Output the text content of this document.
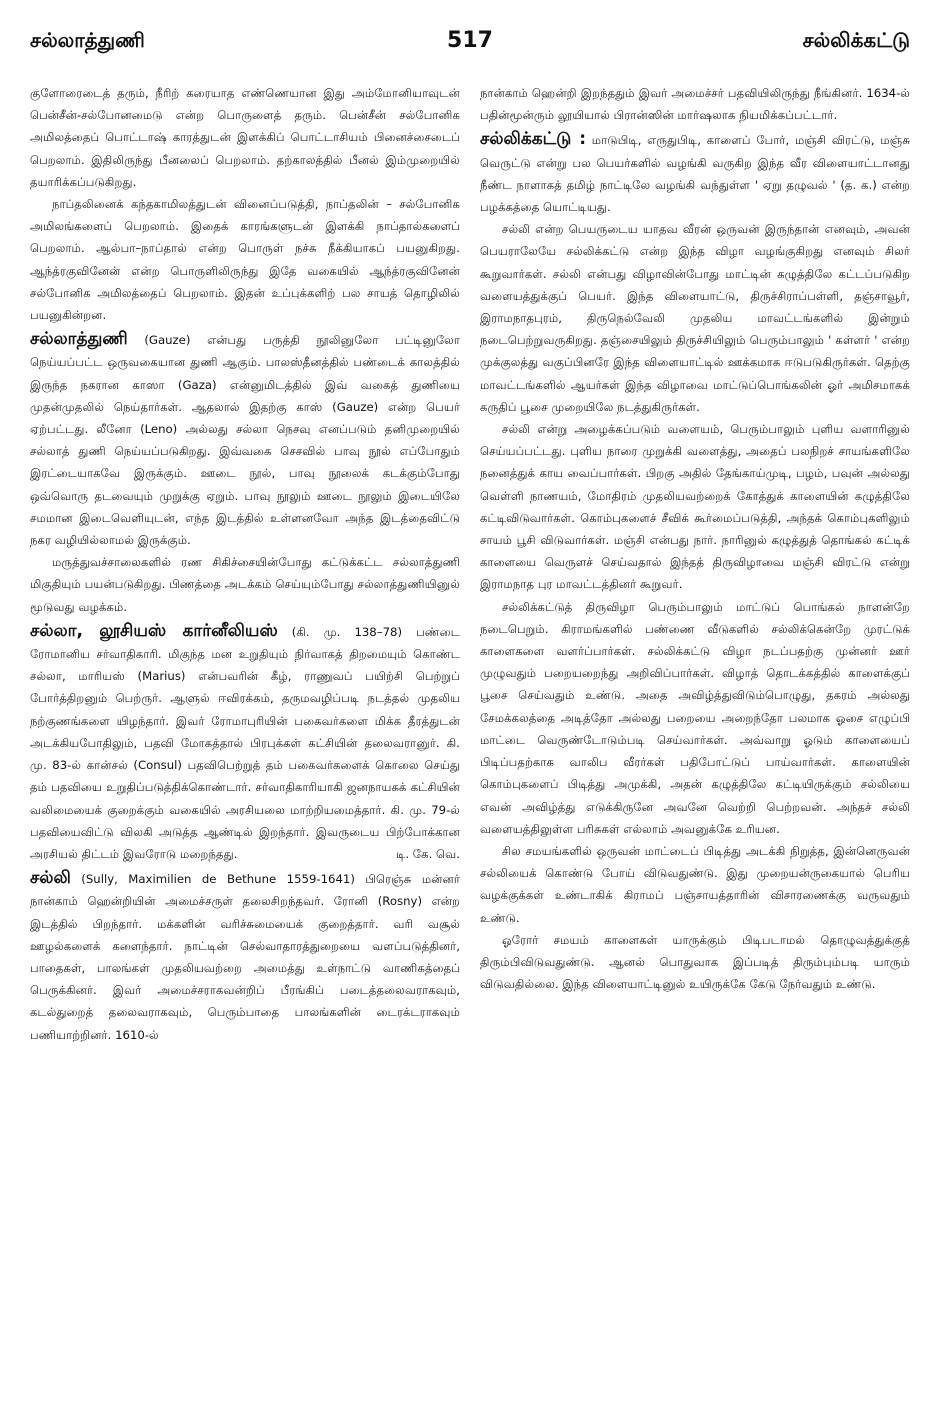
517
சல்லாத்துணி	சல்லிக்கட்டு

குளோரைடைத் தரும், நீரிற் கரையாத எண்ணெயான இது அம்மோனியாவுடன் பென்சீன்-சல்போனமைடு என்ற பொருளைத் தரும். பென்சீன் சல்போனிக அமிலத்தைப் பொட்டாஷ் காரத்துடன் இளக்கிப் பொட்டாசியம் பினைச்சைடைப் பெறலாம். இதிலிருந்து பீனலைப் பெறலாம். தற்காலத்தில் பீனல் இம்முறையில் தயாரிக்கப்படுகிறது.

நாப்தலினைக் கந்தகாமிலத்துடன் வினைப்படுத்தி, நாப்தலின் – சல்போனிக அமிலங்களைப் பெறலாம். இதைக் காரங்களுடன் இளக்கி நாப்தால்களைப் பெறலாம். ஆல்பா–நாப்தால் என்ற பொருள் நச்சு நீக்கியாகப் பயனுகிறது. ஆந்த்ரகுவினேன் என்ற பொருளிலிருந்து இதே வகையில் ஆந்த்ரகுவினேன் சல்போனிக அமிலத்தைப் பெறலாம். இதன் உப்புக்களிற் பல சாயத் தொழிலில் பயனுகின்றன.

சல்லாத்துணி (Gauze) என்பது பருத்தி நூலினுலோ பட்டினுலோ நெய்யப்பட்ட ஒருவகையான துணி ஆகும். பாலஸ்தீனத்தில் பண்டைக் காலத்தில் இருந்த நகரான காஸா (Gaza) என்னுமிடத்தில் இவ் வகைத் துணியை முதன்முதலில் நெய்தார்கள். ஆதலால் இதற்கு காஸ் (Gauze) என்ற பெயர் ஏற்பட்டது. லீனோ (Leno) அல்லது சல்லா நெசவு எனப்படும் தனிமுறையில் சல்லாத் துணி நெய்யப்படுகிறது. இவ்வகை செசவில் பாவு நூல் எப்போதும் இரட்டையாகவே இருக்கும். ஊடை நூல், பாவு நூலைக் கடக்கும்போது ஒவ்வொரு தடவையும் முறுக்கு ஏறும். பாவு நூலும் ஊடை நூலும் இடையிலே சமமான இடைவெளியுடன், எந்த இடத்தில் உள்ளனவோ அந்த இடத்தைவிட்டு நகர வழியில்லாமல் இருக்கும்.

மருத்துவச்சாலைகளில் ரண சிகிச்சையின்போது கட்டுக்கட்ட சல்லாத்துணி மிகுதியும் பயன்படுகிறது. பிணத்தை அடக்கம் செய்யும்போது சல்லாத்துணியினுல் மூடுவது வழக்கம்.

சல்லா, லூசியஸ் கார்னீலியஸ் (கி. மு. 138–78) பண்டை ரோமானிய சர்வாதிகாரி. மிகுந்த மன உறுதியும் நிர்வாகத் திறமையும் கொண்ட சல்லா, மாரியஸ் (Marius) என்பவரின் கீழ், ராணுவப் பயிற்சி பெற்றுப் போர்த்திறனும் பெற்ருர். ஆளுல் ஈவிரக்கம், தருமவழிப்படி நடத்தல் முதலிய நற்குணங்களை யிழந்தார். இவர் ரோமாபுரியின் பகைவர்களை மிக்க தீரத்துடன் அடக்கியபோதிலும், பதவி மோகத்தால் பிரபுக்கள் கட்சியின் தலைவரானுர். கி. மு. 83-ல் கான்சல் (Consul) பதவிபெற்றுத் தம் பகைவர்களைக் கொலை செய்து தம் பதவியை உறுதிப்படுத்திக்கொண்டார். சர்வாதிகாரியாகி ஜனநாயகக் கட்சியின் வலிமையைக் குறைக்கும் வகையில் அரசியலை மாற்றியமைத்தார். கி. மு. 79-ல் பதவியைவிட்டு விலகி அடுத்த ஆண்டில் இறந்தார். இவருடைய பிற்போக்கான அரசியல் திட்டம் இவரோடு மறைந்தது.	டி. கே. வெ.

சல்லி (Sully, Maximilien de Bethune 1559-1641) பிரெஞ்சு மன்னர் நான்காம் ஹென்றியின் அமைச்சருள் தலைசிறந்தவர். ரோனி (Rosny) என்ற இடத்தில் பிறந்தார். மக்களின் வரிச்சுமையைக் குறைத்தார். வரி வசூல் ஊழல்களைக் களைந்தார். நாட்டின் செல்வாதாரத்துறையை வளப்படுத்தினர், பாதைகள், பாலங்கள் முதலியவற்றை அமைத்து உள்நாட்டு வாணிகத்தைப் பெருக்கினர். இவர் அமைச்சராகவன்றிப் பீரங்கிப் படைத்தலைவராகவும், கடல்துறைத் தலைவராகவும், பெரும்பாதை பாலங்களின் டைரக்டராகவும் பணியாற்றினர். 1610-ல்

நான்காம் ஹென்றி இறந்ததும் இவர் அமைச்சர் பதவியிலிருந்து நீங்கினர். 1634-ல் பதின்மூன்ரும் லூயியால் பிரான்ஸின் மார்ஷலாக நியமிக்கப்பட்டார்.

சல்லிக்கட்டு : மாடுபிடி, எருதுபிடி, காளைப் போர், மஞ்சி விரட்டு, மஞ்சு வெருட்டு என்று பல பெயர்களில் வழங்கி வருகிற இந்த வீர விளையாட்டானது நீண்ட நாளாகத் தமிழ் நாட்டிலே வழங்கி வந்துள்ள ' ஏறு தழுவல் ' (த. க.) என்ற பழக்கத்தை யொட்டியது.

சல்லி என்ற பெயருடைய யாதவ வீரன் ஒருவன் இருந்தான் எனவும், அவன் பெயராலேயே சல்லிக்கட்டு என்ற இந்த விழா வழங்குகிறது எனவும் சிலர் கூறுவார்கள். சல்லி என்பது விழாவின்போது மாட்டின் கழுத்திலே கட்டப்படுகிற வளையத்துக்குப் பெயர். இந்த விளையாட்டு, திருச்சிராப்பள்ளி, தஞ்சாவூர், இராமநாதபுரம், திருநெல்வேலி முதலிய மாவட்டங்களில் இன்றும் நடைபெற்றுவருகிறது. தஞ்சையிலும் திருச்சியிலும் பெரும்பாலும் ' கள்ளர் ' என்ற முக்குலத்து வகுப்பினரே இந்த விளையாட்டில் ஊக்கமாக ஈடுபடுகிருர்கள். தெற்கு மாவட்டங்களில் ஆயர்கள் இந்த விழாவை மாட்டுப்பொங்கலின் ஓர் அமிசமாகக் கருதிப் பூசை முறையிலே நடத்துகிருர்கள்.

சல்லி என்று அழைக்கப்படும் வளையம், பெரும்பாலும் புளிய வளாரினுல் செய்யப்பட்டது. புளிய நாரை முறுக்கி வளைத்து, அதைப் பலநிறச் சாயங்களிலே நனைத்துக் காய வைப்பார்கள். பிறகு அதில் தேங்காய்முடி, பழம், பவுன் அல்லது வெள்ளி நாணயம், மோதிரம் முதலியவற்றைக் கோத்துக் காளையின் கழுத்திலே கட்டிவிடுவார்கள். கொம்புகளைச் சீவிக் கூர்மைப்படுத்தி, அந்தக் கொம்புகளிலும் சாயம் பூசி விடுவார்கள். மஞ்சி என்பது நார். நாரினுல் கழுத்துத் தொங்கல் கட்டிக் காளையை வெருளச் செய்வதால் இந்தத் திருவிழாவை மஞ்சி விரட்டு என்று இராமநாத புர மாவட்டத்தினர் கூறுவர்.

சல்லிக்கட்டுத் திருவிழா பெரும்பாலும் மாட்டுப் பொங்கல் நாளன்றே நடைபெறும். கிராமங்களில் பண்ணை வீடுகளில் சல்லிக்கென்றே முரட்டுக் காளைகளை வளர்ப்பார்கள். சல்லிக்கட்டு விழா நடப்பதற்கு முன்னர் ஊர் முழுவதும் பறையறைந்து அறிவிப்பார்கள். விழாத் தொடக்கத்தில் காளைக்குப் பூசை செய்வதும் உண்டு. அதை அவிழ்த்துவிடும்பொழுது, தகரம் அல்லது சேமக்கலத்தை அடித்தோ அல்லது பறையை அறைந்தோ பலமாக ஓசை எழுப்பி மாட்டை வெருண்டோடும்படி செய்வார்கள். அவ்வாறு ஓடும் காளையைப் பிடிப்பதற்காக வாலிப வீரர்கள் பதிபோட்டுப் பாய்வார்கள். காளையின் கொம்புகளைப் பிடித்து அமுக்கி, அதன் கழுத்திலே கட்டியிருக்கும் சல்லியை எவன் அவிழ்த்து எடுக்கிருனே அவனே வெற்றி பெற்றவன். அந்தச் சல்லி வளையத்திலுள்ள பரிசுகள் எல்லாம் அவனுக்கே உரியன.

சில சமயங்களில் ஒருவன் மாட்டைப் பிடித்து அடக்கி நிறுத்த, இன்னெருவன் சல்லியைக் கொண்டு போய் விடுவதுண்டு. இது முறையன்ருகையால் பெரிய வழக்குக்கள் உண்டாகிக் கிராமப் பஞ்சாயத்தாரின் விசாரணைக்கு வருவதும் உண்டு.

ஓரோர் சமயம் காளைகள் யாருக்கும் பிடிபடாமல் தொழுவத்துக்குத் திரும்பிவிடுவதுண்டு. ஆனல் பொதுவாக இப்படித் திரும்பும்படி யாரும் விடுவதில்லை. இந்த விளையாட்டினுல் உயிருக்கே கேடு நேர்வதும் உண்டு.
